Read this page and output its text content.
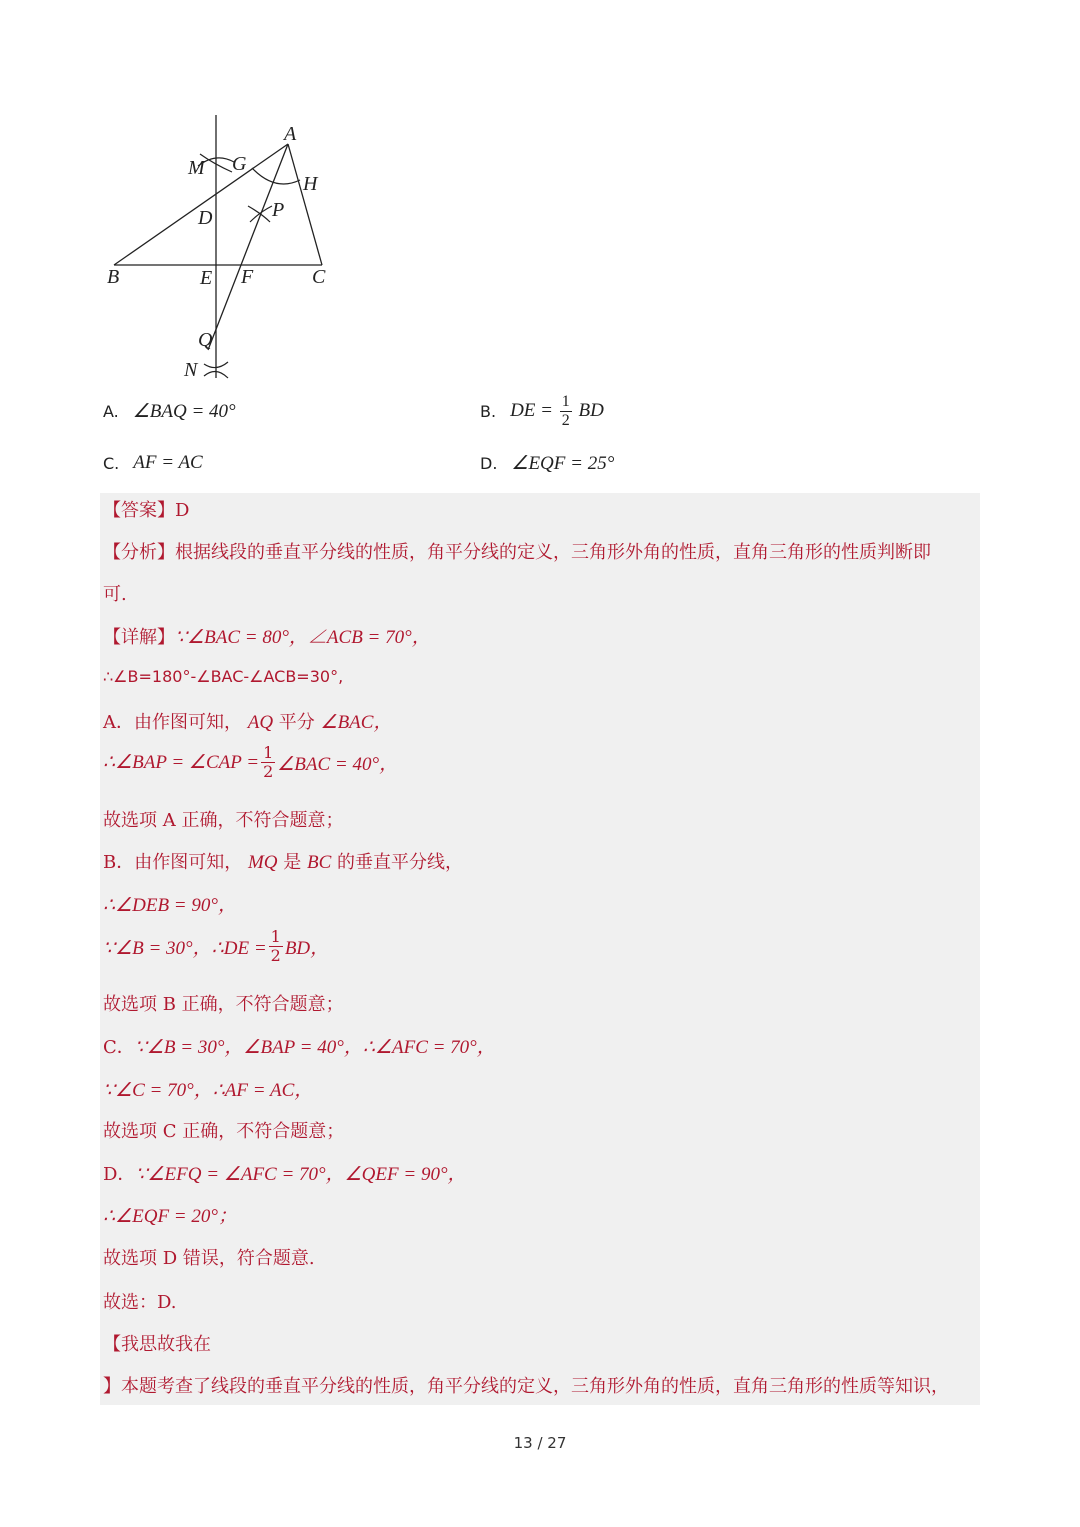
A
M G
H
D	P
B	E F	C
Q
N
A. ∠BAQ = 40°	B. DE = $\frac{1}{2}$ BD
C. AF = AC	D. ∠EQF = 25°
【答案】D
【分析】根据线段的垂直平分线的性质，角平分线的定义，三角形外角的性质，直角三角形的性质判断即
可.
【详解】∵∠BAC = 80°，∠ACB = 70°，
∴∠B=180°-∠BAC-∠ACB=30°,
A．由作图可知， AQ 平分 ∠BAC，
∴∠BAP = ∠CAP = $\frac{1}{2}$ ∠BAC = 40°，
故选项 A 正确，不符合题意；
B．由作图可知， MQ 是 BC 的垂直平分线，
∴∠DEB = 90°，
∵∠B = 30°，∴DE = $\frac{1}{2}$ BD，
故选项 B 正确，不符合题意；
C．∵∠B = 30°，∠BAP = 40°，∴∠AFC = 70°，
∵∠C = 70°，∴AF = AC，
故选项 C 正确，不符合题意；
D．∵∠EFQ = ∠AFC = 70°，∠QEF = 90°，
∴∠EQF = 20°；
故选项 D 错误，符合题意.
故选：D.
【我思故我在
】本题考查了线段的垂直平分线的性质，角平分线的定义，三角形外角的性质，直角三角形的性质等知识，
13 / 27
